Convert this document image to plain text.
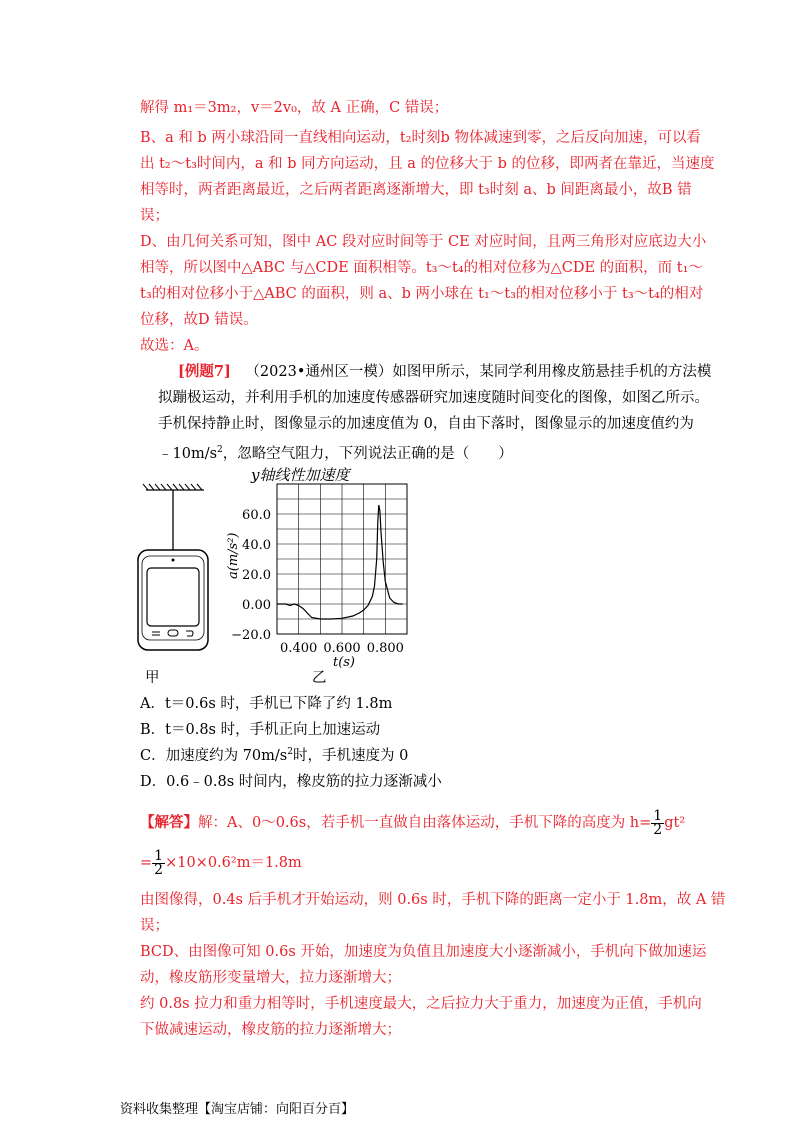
解得 m₁＝3m₂，v＝2v₀，故 A 正确，C 错误；
B、a 和 b 两小球沿同一直线相向运动，t₂时刻b 物体减速到零，之后反向加速，可以看
出 t₂～t₃时间内，a 和 b 同方向运动，且 a 的位移大于 b 的位移，即两者在靠近，当速度
相等时，两者距离最近，之后两者距离逐渐增大，即 t₃时刻 a、b 间距离最小，故B 错
误；
D、由几何关系可知，图中 AC 段对应时间等于 CE 对应时间，且两三角形对应底边大小
相等，所以图中△ABC 与△CDE 面积相等。t₃～t₄的相对位移为△CDE 的面积，而 t₁～
t₃的相对位移小于△ABC 的面积，则 a、b 两小球在 t₁～t₃的相对位移小于 t₃～t₄的相对
位移，故D 错误。
故选：A。
[例题7] （2023•通州区一模）如图甲所示，某同学利用橡皮筋悬挂手机的方法模
拟蹦极运动，并利用手机的加速度传感器研究加速度随时间变化的图像，如图乙所示。
手机保持静止时，图像显示的加速度值为 0，自由下落时，图像显示的加速度值约为
$﹣10m/s^2$，忽略空气阻力，下列说法正确的是（　　）
甲
y轴线性加速度
60.0
40.0
20.0
0.00
−20.0
0.400 0.600 0.800
a(m/s²)
t(s)
乙
A．t＝0.6s 时，手机已下降了约 1.8m
B．t＝0.8s 时，手机正向上加速运动
C．加速度约为 $70m/s^2$时，手机速度为 0
D．0.6﹣0.8s 时间内，橡皮筋的拉力逐渐减小
【解答】解：A、0～0.6s，若手机一直做自由落体运动，手机下降的高度为 $h= \frac{1}{2} gt^2$
= $\frac{1}{2} \times 10\times 0.6^2m=1.8m$
由图像得，0.4s 后手机才开始运动，则 0.6s 时，手机下降的距离一定小于 1.8m，故 A 错
误；
BCD、由图像可知 0.6s 开始，加速度为负值且加速度大小逐渐减小，手机向下做加速运
动，橡皮筋形变量增大，拉力逐渐增大；
约 0.8s 拉力和重力相等时，手机速度最大，之后拉力大于重力，加速度为正值，手机向
下做减速运动，橡皮筋的拉力逐渐增大；
资料收集整理【淘宝店铺：向阳百分百】
